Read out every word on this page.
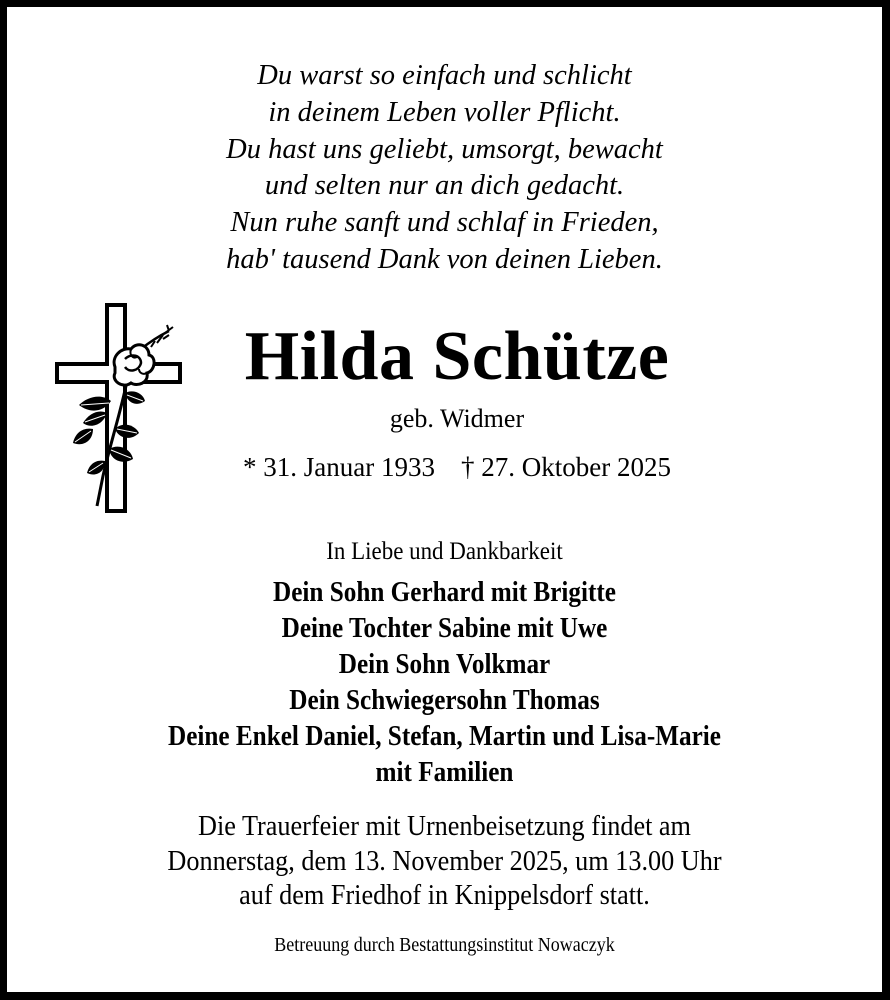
Du warst so einfach und schlicht
in deinem Leben voller Pflicht.
Du hast uns geliebt, umsorgt, bewacht
und selten nur an dich gedacht.
Nun ruhe sanft und schlaf in Frieden,
hab' tausend Dank von deinen Lieben.
Hilda Schütze
geb. Widmer
* 31. Januar 1933 † 27. Oktober 2025
In Liebe und Dankbarkeit
Dein Sohn Gerhard mit Brigitte
Deine Tochter Sabine mit Uwe
Dein Sohn Volkmar
Dein Schwiegersohn Thomas
Deine Enkel Daniel, Stefan, Martin und Lisa-Marie
mit Familien
Die Trauerfeier mit Urnenbeisetzung findet am
Donnerstag, dem 13. November 2025, um 13.00 Uhr
auf dem Friedhof in Knippelsdorf statt.
Betreuung durch Bestattungsinstitut Nowaczyk
